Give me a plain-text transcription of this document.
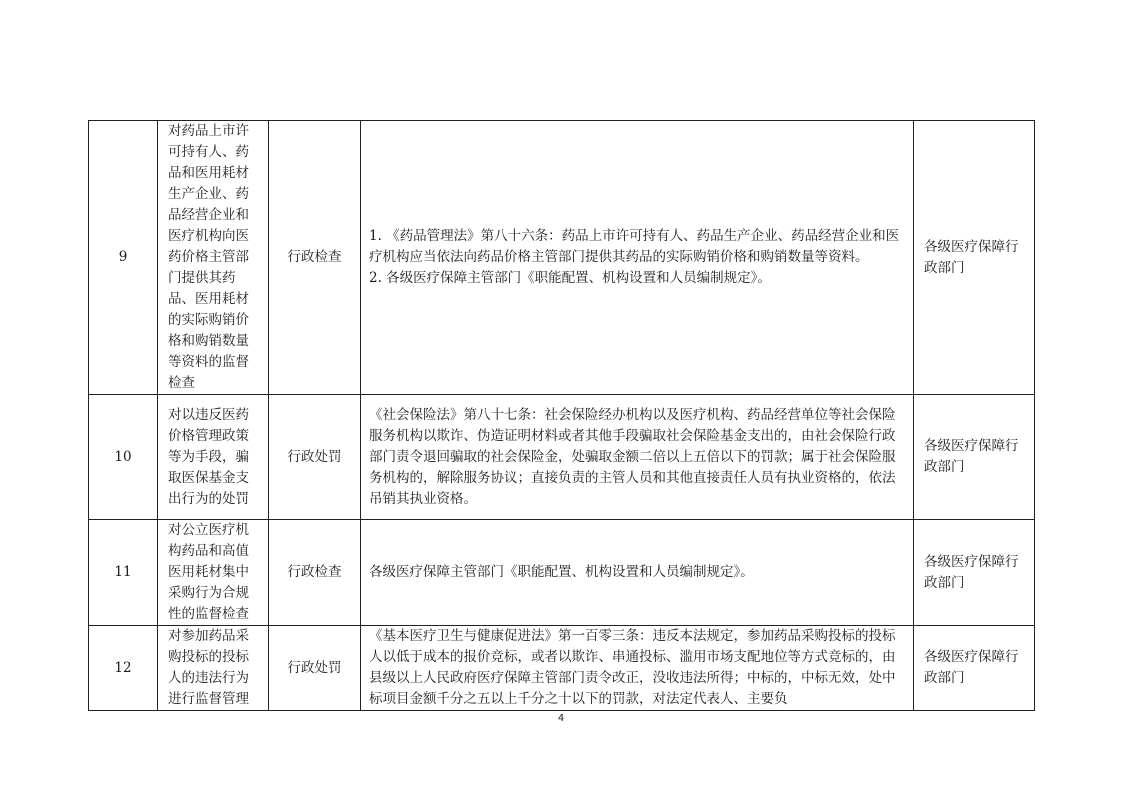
9	对药品上市许可持有人、药品和医用耗材生产企业、药品经营企业和医疗机构向医药价格主管部门提供其药品、医用耗材的实际购销价格和购销数量等资料的监督检查	行政检查	1. 《药品管理法》第八十六条：药品上市许可持有人、药品生产企业、药品经营企业和医疗机构应当依法向药品价格主管部门提供其药品的实际购销价格和购销数量等资料。
2. 各级医疗保障主管部门《职能配置、机构设置和人员编制规定》。	各级医疗保障行政部门
10	对以违反医药价格管理政策等为手段，骗取医保基金支出行为的处罚	行政处罚	《社会保险法》第八十七条：社会保险经办机构以及医疗机构、药品经营单位等社会保险服务机构以欺诈、伪造证明材料或者其他手段骗取社会保险基金支出的，由社会保险行政部门责令退回骗取的社会保险金，处骗取金额二倍以上五倍以下的罚款；属于社会保险服务机构的，解除服务协议；直接负责的主管人员和其他直接责任人员有执业资格的，依法吊销其执业资格。	各级医疗保障行政部门
11	对公立医疗机构药品和高值医用耗材集中采购行为合规性的监督检查	行政检查	各级医疗保障主管部门《职能配置、机构设置和人员编制规定》。	各级医疗保障行政部门
12	对参加药品采购投标的投标人的违法行为进行监督管理	行政处罚	《基本医疗卫生与健康促进法》第一百零三条：违反本法规定，参加药品采购投标的投标人以低于成本的报价竞标，或者以欺诈、串通投标、滥用市场支配地位等方式竞标的，由县级以上人民政府医疗保障主管部门责令改正，没收违法所得；中标的，中标无效，处中标项目金额千分之五以上千分之十以下的罚款，对法定代表人、主要负	各级医疗保障行政部门
4
